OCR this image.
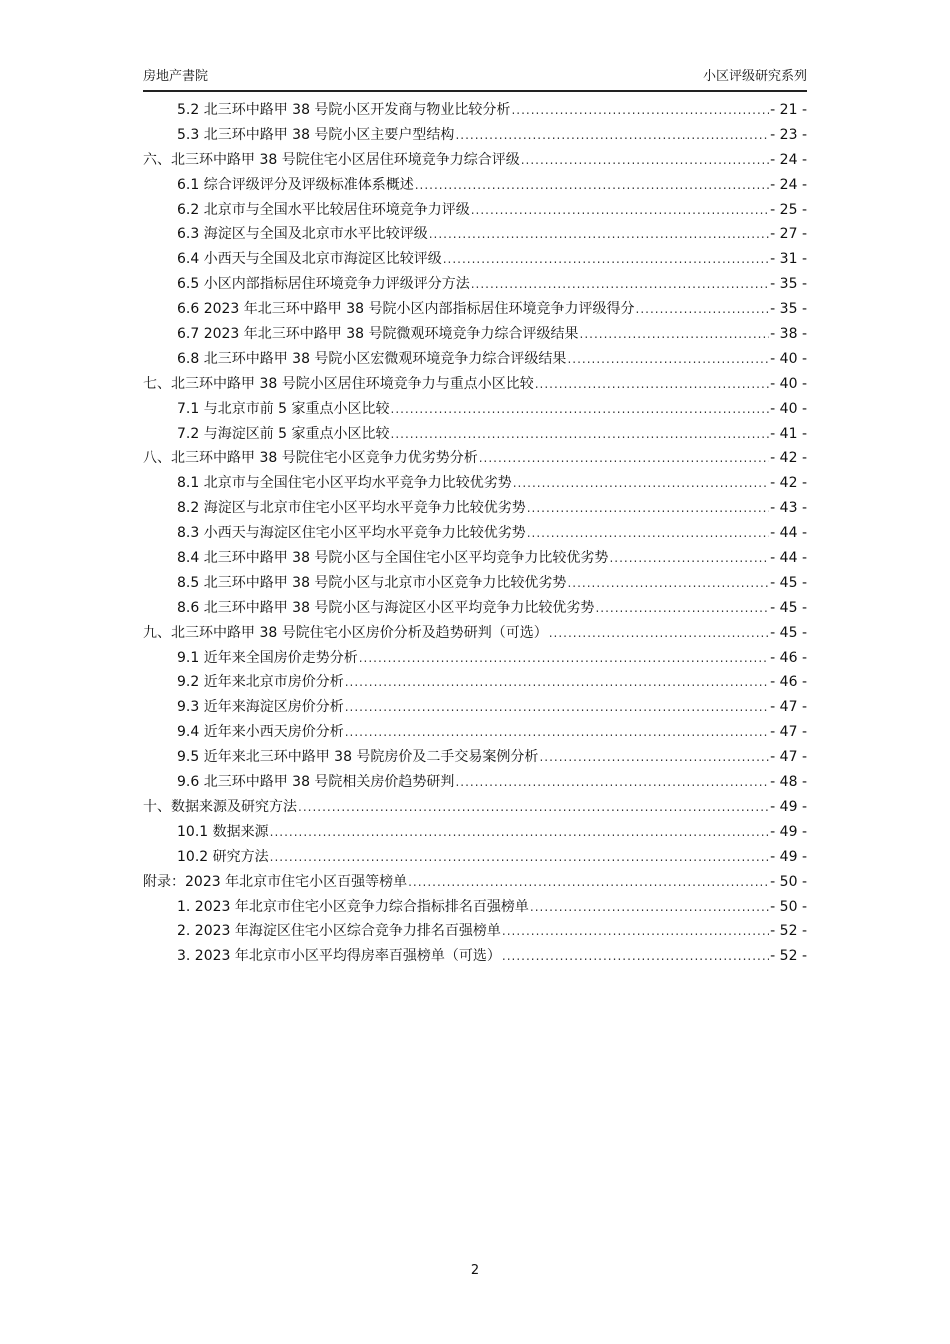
房地产書院	小区评级研究系列
5.2 北三环中路甲 38 号院小区开发商与物业比较分析 .....	- 21 -
5.3 北三环中路甲 38 号院小区主要户型结构 .....	- 23 -
六、北三环中路甲 38 号院住宅小区居住环境竞争力综合评级 .....	- 24 -
6.1 综合评级评分及评级标准体系概述 .....	- 24 -
6.2 北京市与全国水平比较居住环境竞争力评级 .....	- 25 -
6.3 海淀区与全国及北京市水平比较评级 .....	- 27 -
6.4 小西天与全国及北京市海淀区比较评级 .....	- 31 -
6.5 小区内部指标居住环境竞争力评级评分方法 .....	- 35 -
6.6 2023 年北三环中路甲 38 号院小区内部指标居住环境竞争力评级得分 .....	- 35 -
6.7 2023 年北三环中路甲 38 号院微观环境竞争力综合评级结果 .....	- 38 -
6.8 北三环中路甲 38 号院小区宏微观环境竞争力综合评级结果 .....	- 40 -
七、北三环中路甲 38 号院小区居住环境竞争力与重点小区比较 .....	- 40 -
7.1 与北京市前 5 家重点小区比较 .....	- 40 -
7.2 与海淀区前 5 家重点小区比较 .....	- 41 -
八、北三环中路甲 38 号院住宅小区竞争力优劣势分析 .....	- 42 -
8.1 北京市与全国住宅小区平均水平竞争力比较优劣势 .....	- 42 -
8.2 海淀区与北京市住宅小区平均水平竞争力比较优劣势 .....	- 43 -
8.3 小西天与海淀区住宅小区平均水平竞争力比较优劣势 .....	- 44 -
8.4 北三环中路甲 38 号院小区与全国住宅小区平均竞争力比较优劣势 .....	- 44 -
8.5 北三环中路甲 38 号院小区与北京市小区竞争力比较优劣势 .....	- 45 -
8.6 北三环中路甲 38 号院小区与海淀区小区平均竞争力比较优劣势 .....	- 45 -
九、北三环中路甲 38 号院住宅小区房价分析及趋势研判（可选） .....	- 45 -
9.1 近年来全国房价走势分析 .....	- 46 -
9.2 近年来北京市房价分析 .....	- 46 -
9.3 近年来海淀区房价分析 .....	- 47 -
9.4 近年来小西天房价分析 .....	- 47 -
9.5 近年来北三环中路甲 38 号院房价及二手交易案例分析 .....	- 47 -
9.6 北三环中路甲 38 号院相关房价趋势研判 .....	- 48 -
十、数据来源及研究方法 .....	- 49 -
10.1 数据来源 .....	- 49 -
10.2 研究方法 .....	- 49 -
附录：2023 年北京市住宅小区百强等榜单 .....	- 50 -
1. 2023 年北京市住宅小区竞争力综合指标排名百强榜单 .....	- 50 -
2. 2023 年海淀区住宅小区综合竞争力排名百强榜单 .....	- 52 -
3. 2023 年北京市小区平均得房率百强榜单（可选） .....	- 52 -
2
